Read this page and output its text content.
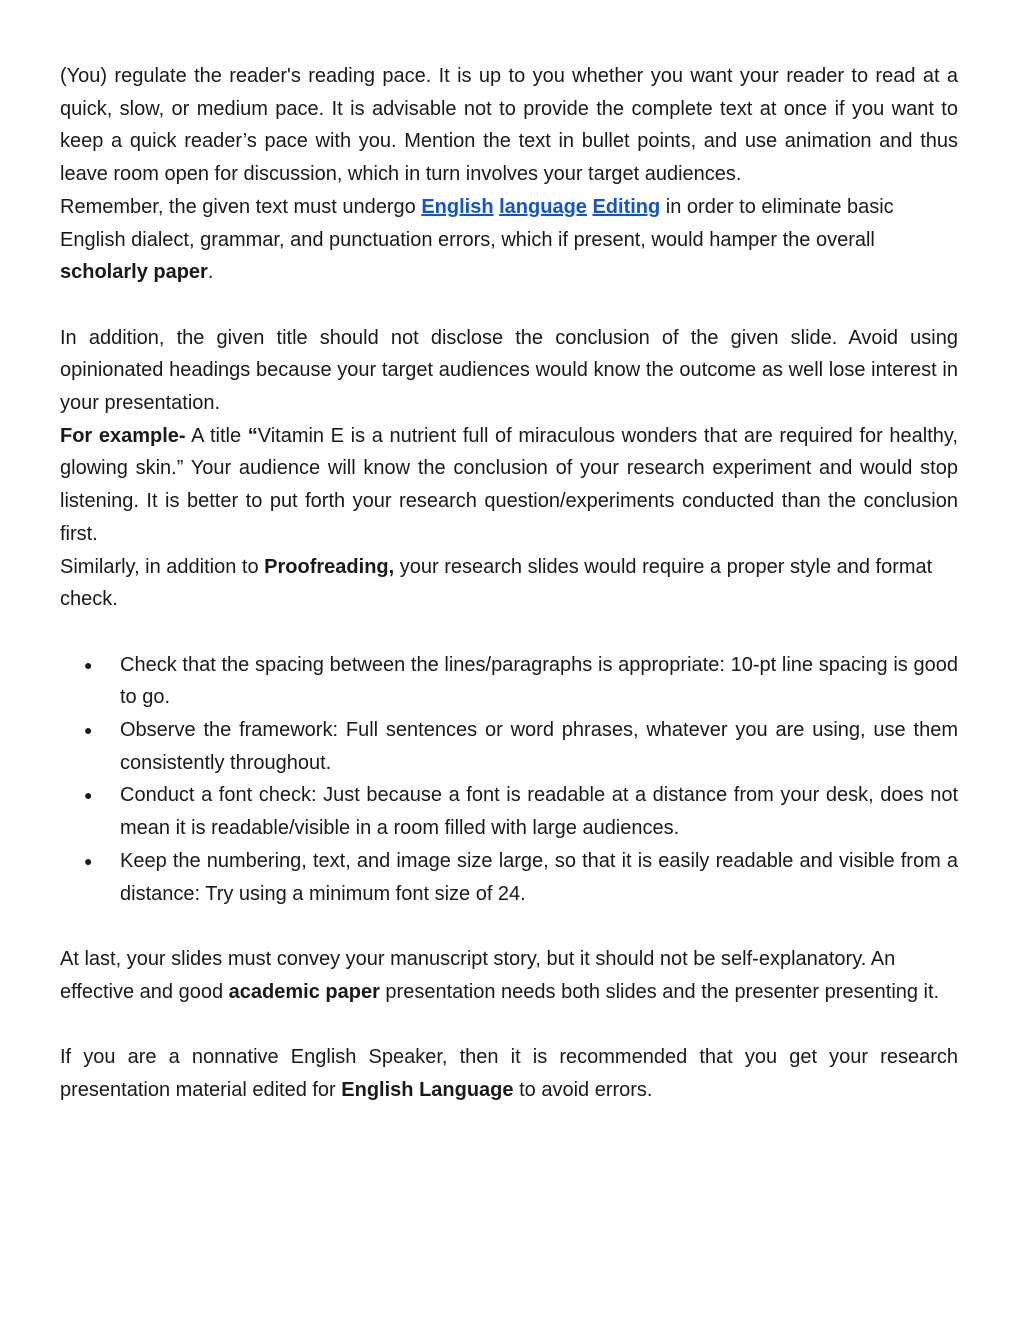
(You) regulate the reader's reading pace. It is up to you whether you want your reader to read at a quick, slow, or medium pace. It is advisable not to provide the complete text at once if you want to keep a quick reader’s pace with you. Mention the text in bullet points, and use animation and thus leave room open for discussion, which in turn involves your target audiences.

Remember, the given text must undergo English language Editing in order to eliminate basic English dialect, grammar, and punctuation errors, which if present, would hamper the overall scholarly paper.

In addition, the given title should not disclose the conclusion of the given slide. Avoid using opinionated headings because your target audiences would know the outcome as well lose interest in your presentation.

For example- A title “Vitamin E is a nutrient full of miraculous wonders that are required for healthy, glowing skin.” Your audience will know the conclusion of your research experiment and would stop listening. It is better to put forth your research question/experiments conducted than the conclusion first.

Similarly, in addition to Proofreading, your research slides would require a proper style and format check.

● Check that the spacing between the lines/paragraphs is appropriate: 10-pt line spacing is good to go.
● Observe the framework: Full sentences or word phrases, whatever you are using, use them consistently throughout.
● Conduct a font check: Just because a font is readable at a distance from your desk, does not mean it is readable/visible in a room filled with large audiences.
● Keep the numbering, text, and image size large, so that it is easily readable and visible from a distance: Try using a minimum font size of 24.

At last, your slides must convey your manuscript story, but it should not be self-explanatory. An effective and good academic paper presentation needs both slides and the presenter presenting it.

If you are a nonnative English Speaker, then it is recommended that you get your research presentation material edited for English Language to avoid errors.
